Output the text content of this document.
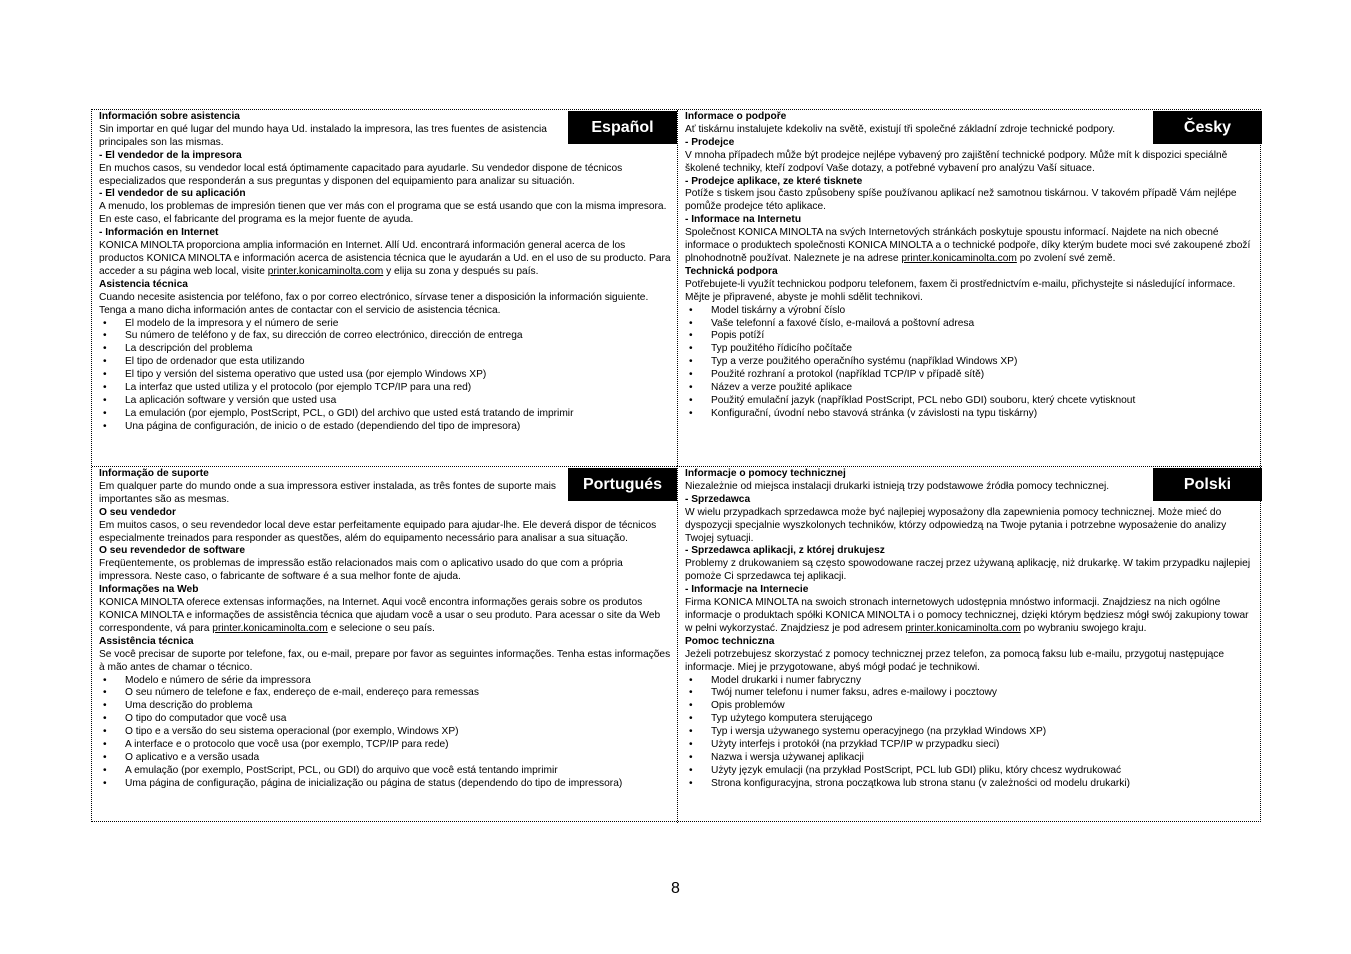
Español

Información sobre asistencia

Sin importar en qué lugar del mundo haya Ud. instalado la impresora, las tres fuentes de asistencia principales son las mismas.

- El vendedor de la impresora

En muchos casos, su vendedor local está óptimamente capacitado para ayudarle. Su vendedor dispone de técnicos especializados que responderán a sus preguntas y disponen del equipamiento para analizar su situación.

- El vendedor de su aplicación

A menudo, los problemas de impresión tienen que ver más con el programa que se está usando que con la misma impresora. En este caso, el fabricante del programa es la mejor fuente de ayuda.

- Información en Internet

KONICA MINOLTA proporciona amplia información en Internet. Allí Ud. encontrará información general acerca de los productos KONICA MINOLTA e información acerca de asistencia técnica que le ayudarán a Ud. en el uso de su producto. Para acceder a su página web local, visite printer.konicaminolta.com y elija su zona y después su país.

Asistencia técnica

Cuando necesite asistencia por teléfono, fax o por correo electrónico, sírvase tener a disposición la información siguiente. Tenga a mano dicha información antes de contactar con el servicio de asistencia técnica.

• El modelo de la impresora y el número de serie
• Su número de teléfono y de fax, su dirección de correo electrónico, dirección de entrega
• La descripción del problema
• El tipo de ordenador que esta utilizando
• El tipo y versión del sistema operativo que usted usa (por ejemplo Windows XP)
• La interfaz que usted utiliza y el protocolo (por ejemplo TCP/IP para una red)
• La aplicación software y versión que usted usa
• La emulación (por ejemplo, PostScript, PCL, o GDI) del archivo que usted está tratando de imprimir
• Una página de configuración, de inicio o de estado (dependiendo del tipo de impresora)
Česky

Informace o podpoře

Ať tiskárnu instalujete kdekoliv na světě, existují tři společné základní zdroje technické podpory.

- Prodejce

V mnoha případech může být prodejce nejlépe vybavený pro zajištění technické podpory. Může mít k dispozici speciálně školené techniky, kteří zodpoví Vaše dotazy, a potřebné vybavení pro analýzu Vaší situace.

- Prodejce aplikace, ze které tisknete

Potíže s tiskem jsou často způsobeny spíše používanou aplikací než samotnou tiskárnou. V takovém případě Vám nejlépe pomůže prodejce této aplikace.

- Informace na Internetu

Společnost KONICA MINOLTA na svých Internetových stránkách poskytuje spoustu informací. Najdete na nich obecné informace o produktech společnosti KONICA MINOLTA a o technické podpoře, díky kterým budete moci své zakoupené zboží plnohodnotně používat. Naleznete je na adrese printer.konicaminolta.com po zvolení své země.

Technická podpora

Potřebujete-li využít technickou podporu telefonem, faxem či prostřednictvím e-mailu, přichystejte si následující informace. Mějte je připravené, abyste je mohli sdělit technikovi.

• Model tiskárny a výrobní číslo
• Vaše telefonní a faxové číslo, e-mailová a poštovní adresa
• Popis potíží
• Typ použitého řídicího počítače
• Typ a verze použitého operačního systému (například Windows XP)
• Použité rozhraní a protokol (například TCP/IP v případě sítě)
• Název a verze použité aplikace
• Použitý emulační jazyk (například PostScript, PCL nebo GDI) souboru, který chcete vytisknout
• Konfigurační, úvodní nebo stavová stránka (v závislosti na typu tiskárny)
Portugués

Informação de suporte

Em qualquer parte do mundo onde a sua impressora estiver instalada, as três fontes de suporte mais importantes são as mesmas.

O seu vendedor

Em muitos casos, o seu revendedor local deve estar perfeitamente equipado para ajudar-lhe. Ele deverá dispor de técnicos especialmente treinados para responder as questões, além do equipamento necessário para analisar a sua situação.

O seu revendedor de software

Freqüentemente, os problemas de impressão estão relacionados mais com o aplicativo usado do que com a própria impressora. Neste caso, o fabricante de software é a sua melhor fonte de ajuda.

Informações na Web

KONICA MINOLTA oferece extensas informações, na Internet. Aqui você encontra informações gerais sobre os produtos KONICA MINOLTA e informações de assistência técnica que ajudam você a usar o seu produto. Para acessar o site da Web correspondente, vá para printer.konicaminolta.com e selecione o seu país.

Assistência técnica

Se você precisar de suporte por telefone, fax, ou e-mail, prepare por favor as seguintes informações. Tenha estas informações à mão antes de chamar o técnico.

• Modelo e número de série da impressora
• O seu número de telefone e fax, endereço de e-mail, endereço para remessas
• Uma descrição do problema
• O tipo do computador que você usa
• O tipo e a versão do seu sistema operacional (por exemplo, Windows XP)
• A interface e o protocolo que você usa (por exemplo, TCP/IP para rede)
• O aplicativo e a versão usada
• A emulação (por exemplo, PostScript, PCL, ou GDI) do arquivo que você está tentando imprimir
• Uma página de configuração, página de inicialização ou página de status (dependendo do tipo de impressora)
Polski

Informacje o pomocy technicznej

Niezależnie od miejsca instalacji drukarki istnieją trzy podstawowe źródła pomocy technicznej.

- Sprzedawca

W wielu przypadkach sprzedawca może być najlepiej wyposażony dla zapewnienia pomocy technicznej. Może mieć do dyspozycji specjalnie wyszkolonych techników, którzy odpowiedzą na Twoje pytania i potrzebne wyposażenie do analizy Twojej sytuacji.

- Sprzedawca aplikacji, z której drukujesz

Problemy z drukowaniem są często spowodowane raczej przez używaną aplikację, niż drukarkę. W takim przypadku najlepiej pomoże Ci sprzedawca tej aplikacji.

- Informacje na Internecie

Firma KONICA MINOLTA na swoich stronach internetowych udostępnia mnóstwo informacji. Znajdziesz na nich ogólne informacje o produktach spółki KONICA MINOLTA i o pomocy technicznej, dzięki którym będziesz mógł swój zakupiony towar w pełni wykorzystać. Znajdziesz je pod adresem printer.konicaminolta.com po wybraniu swojego kraju.

Pomoc techniczna

Jeżeli potrzebujesz skorzystać z pomocy technicznej przez telefon, za pomocą faksu lub e-mailu, przygotuj następujące informacje. Miej je przygotowane, abyś mógł podać je technikowi.

• Model drukarki i numer fabryczny
• Twój numer telefonu i numer faksu, adres e-mailowy i pocztowy
• Opis problemów
• Typ użytego komputera sterującego
• Typ i wersja używanego systemu operacyjnego (na przykład Windows XP)
• Użyty interfejs i protokół (na przykład TCP/IP w przypadku sieci)
• Nazwa i wersja używanej aplikacji
• Użyty język emulacji (na przykład PostScript, PCL lub GDI) pliku, który chcesz wydrukować
• Strona konfiguracyjna, strona początkowa lub strona stanu (v zależności od modelu drukarki)
8
